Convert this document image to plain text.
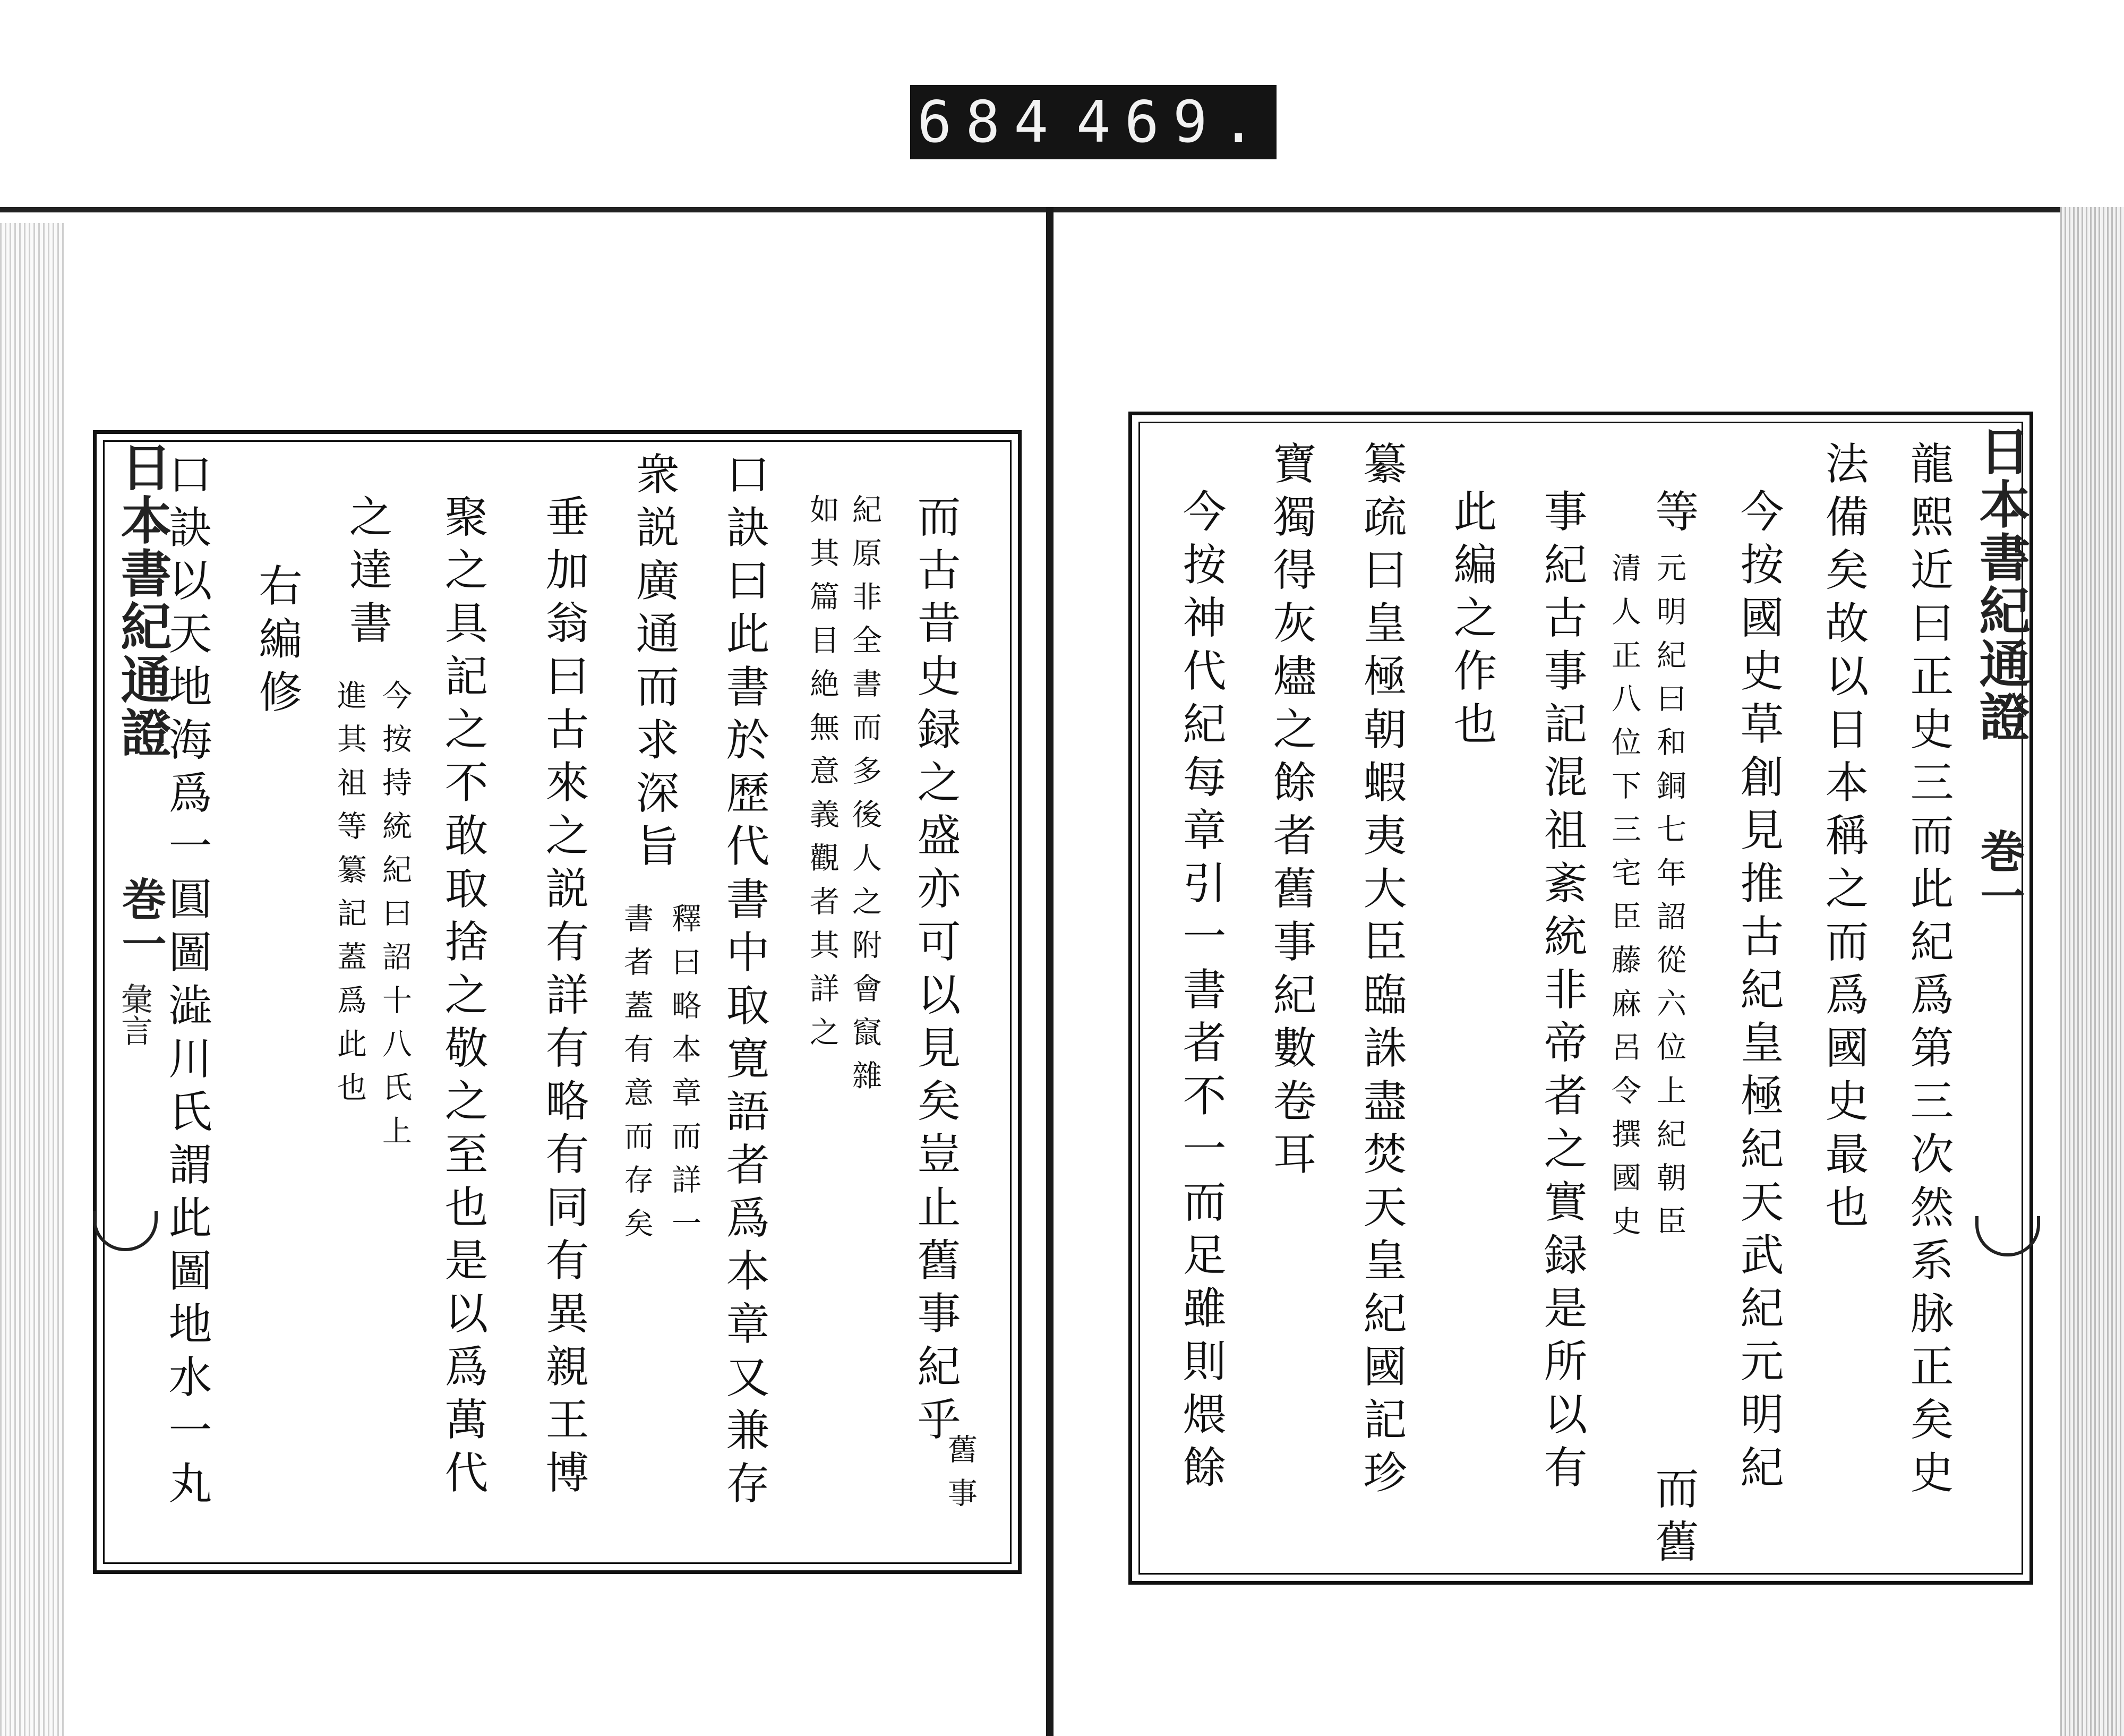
684 469.
日本書紀通證
巻一
彙言
日本書紀通證
巻一
龍熙近曰正史三而此紀爲第三次然系脉正矣史
法備矣故以日本稱之而爲國史最也
今按國史草創見推古紀皇極紀天武紀元明紀
等
元明紀曰和銅七年詔從六位上紀朝臣
清人正八位下三宅臣藤麻呂令撰國史
而舊
事紀古事記混祖紊統非帝者之實録是所以有
此編之作也
纂疏曰皇極朝蝦夷大臣臨誅盡焚天皇紀國記珍
寶獨得灰燼之餘者舊事紀數卷耳
今按神代紀每章引一書者不一而足雖則煨餘
而古昔史録之盛亦可以見矣豈止舊事紀乎
舊事
紀原非全書而多後人之附會竄雜
如其篇目絶無意義觀者其詳之
口訣曰此書於歷代書中取寛語者爲本章又兼存
衆説廣通而求深旨
釋曰略本章而詳一
書者蓋有意而存矣
垂加翁曰古來之説有詳有略有同有異親王博
聚之具記之不敢取捨之敬之至也是以爲萬代
之達書
今按持統紀曰詔十八氏上
進其祖等纂記蓋爲此也
右編修
口訣以天地海爲一圓圖澁川氏謂此圖地水一丸
